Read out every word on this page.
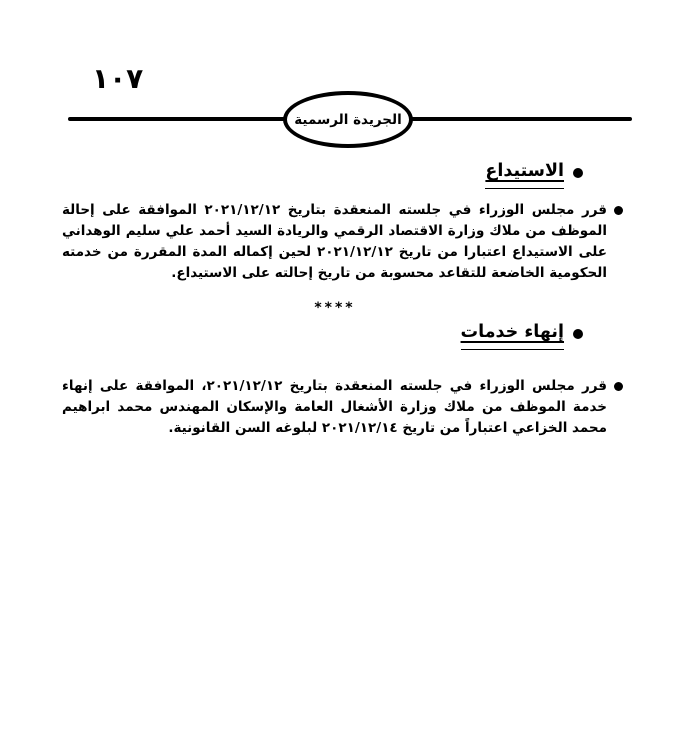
١٠٧
الجريدة الرسمية
الاستيداع
قرر مجلس الوزراء في جلسته المنعقدة بتاريخ ٢٠٢١/١٢/١٢ الموافقة على إحالة الموظف من ملاك وزارة الاقتصاد الرقمي والريادة السيد أحمد علي سليم الوهداني على الاستيداع اعتبارا من تاريخ ٢٠٢١/١٢/١٢ لحين إكماله المدة المقررة من خدمته الحكومية الخاضعة للتقاعد محسوبة من تاريخ إحالته على الاستيداع.
****
إنهاء خدمات
قرر مجلس الوزراء في جلسته المنعقدة بتاريخ ٢٠٢١/١٢/١٢، الموافقة على إنهاء خدمة الموظف من ملاك وزارة الأشغال العامة والإسكان المهندس محمد ابراهيم محمد الخزاعي اعتباراً من تاريخ ٢٠٢١/١٢/١٤ لبلوغه السن القانونية.
